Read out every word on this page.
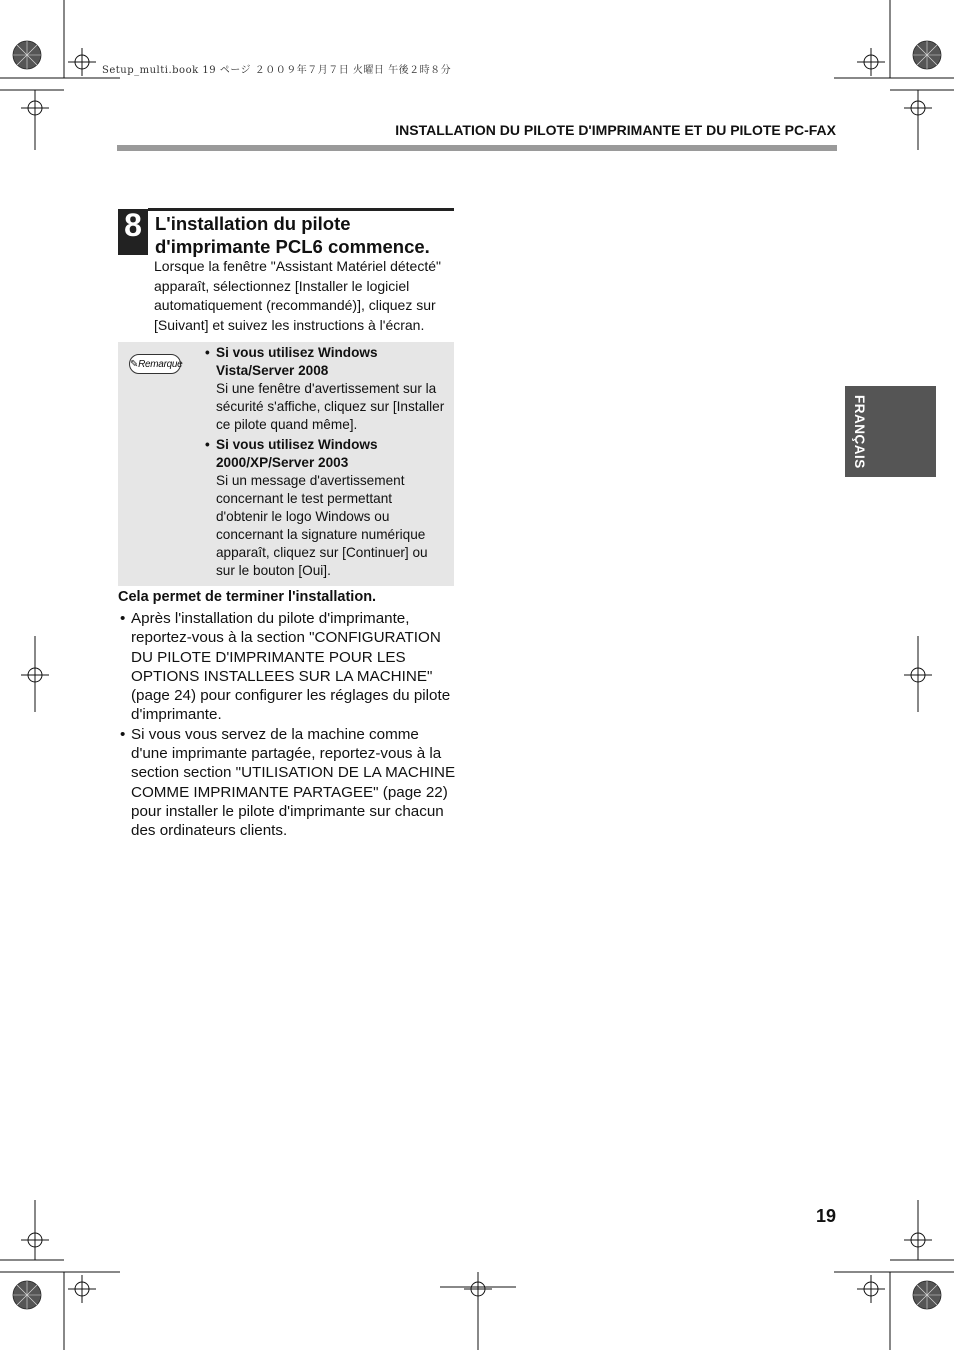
Setup_multi.book 19 ページ ２００９年７月７日 火曜日 午後２時８分
INSTALLATION DU PILOTE D'IMPRIMANTE ET DU PILOTE PC-FAX
8 L'installation du pilote
d'imprimante PCL6 commence.
Lorsque la fenêtre "Assistant Matériel détecté" apparaît, sélectionnez [Installer le logiciel automatiquement (recommandé)], cliquez sur [Suivant] et suivez les instructions à l'écran.
✎Remarque
• Si vous utilisez Windows Vista/Server 2008
Si une fenêtre d'avertissement sur la sécurité s'affiche, cliquez sur [Installer ce pilote quand même].
• Si vous utilisez Windows 2000/XP/Server 2003
Si un message d'avertissement concernant le test permettant d'obtenir le logo Windows ou concernant la signature numérique apparaît, cliquez sur [Continuer] ou sur le bouton [Oui].
Cela permet de terminer l'installation.
• Après l'installation du pilote d'imprimante, reportez-vous à la section "CONFIGURATION DU PILOTE D'IMPRIMANTE POUR LES OPTIONS INSTALLEES SUR LA MACHINE" (page 24) pour configurer les réglages du pilote d'imprimante.
• Si vous vous servez de la machine comme d'une imprimante partagée, reportez-vous à la section section "UTILISATION DE LA MACHINE COMME IMPRIMANTE PARTAGEE" (page 22) pour installer le pilote d'imprimante sur chacun des ordinateurs clients.
FRANÇAIS
19
